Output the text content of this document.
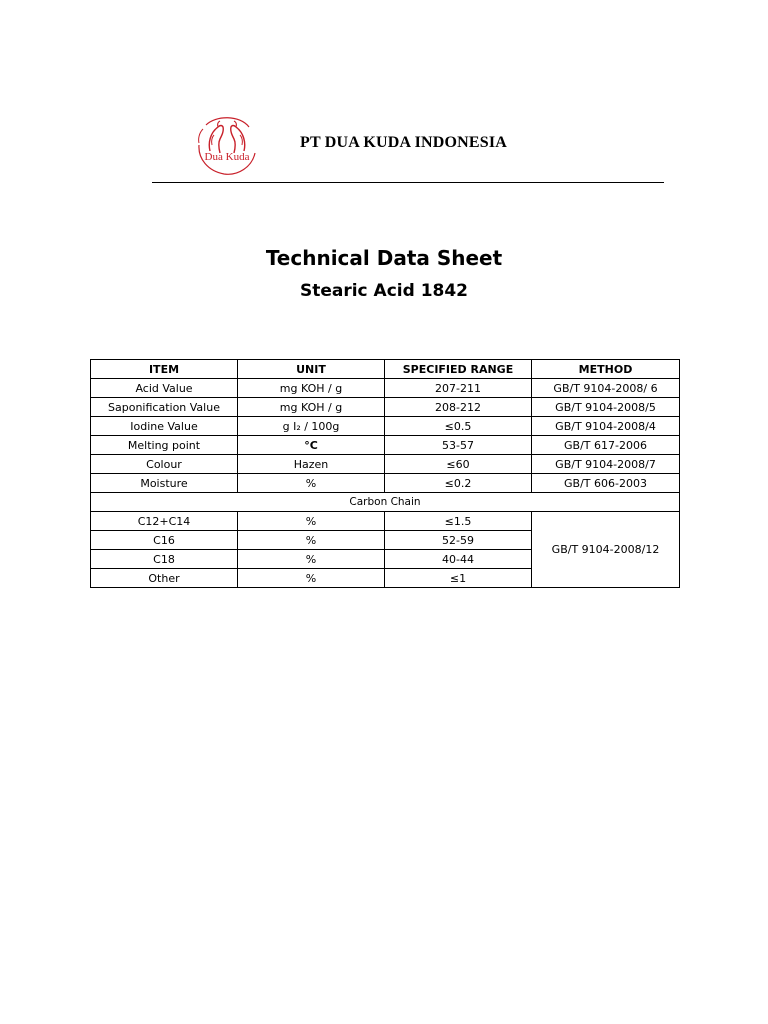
Dua Kuda
PT DUA KUDA INDONESIA
Technical Data Sheet
Stearic Acid 1842
ITEM	UNIT	SPECIFIED RANGE	METHOD
Acid Value	mg KOH / g	207-211	GB/T 9104-2008/ 6
Saponification Value	mg KOH / g	208-212	GB/T 9104-2008/5
Iodine Value	g I₂ / 100g	≤0.5	GB/T 9104-2008/4
Melting point	°C	53-57	GB/T 617-2006
Colour	Hazen	≤60	GB/T 9104-2008/7
Moisture	%	≤0.2	GB/T 606-2003
Carbon Chain			
C12+C14	%	≤1.5	GB/T 9104-2008/12
C16	%	52-59	
C18	%	40-44	
Other	%	≤1	
